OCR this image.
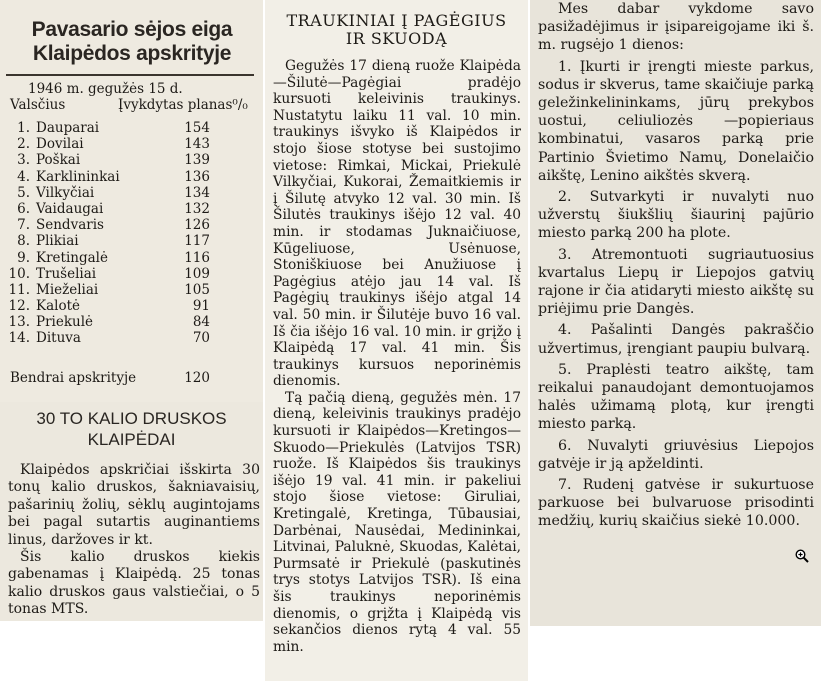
Pavasario sėjos eiga
Klaipėdos apskrityje
1946 m. gegužės 15 d.
Valsčius	Įvykdytas planas⁰/₀
1. Dauparai	154
2. Dovilai	143
3. Poškai	139
4. Karklininkai	136
5. Vilkyčiai	134
6. Vaidaugai	132
7. Sendvaris	126
8. Plikiai	117
9. Kretingalė	116
10. Trušeliai	109
11. Mieželiai	105
12. Kalotė	91
13. Priekulė	84
14. Dituva	70
Bendrai apskrityje	120
30 TO KALIO DRUSKOS
KLAIPĖDAI

Klaipėdos apskričiai išskirta 30 tonų kalio druskos, šakniavaisių, pašarinių žolių, sėklų augintojams bei pagal sutartis auginantiems linus, daržoves ir kt.

Šis kalio druskos kiekis gabenamas į Klaipėdą. 25 tonas kalio druskos gaus valstiečiai, o 5 tonas MTS.

TRAUKINIAI Į PAGĖGIUS
IR SKUODĄ

Gegužės 17 dieną ruože Klaipėda—Šilutė—Pagėgiai pradėjo kursuoti keleivinis traukinys. Nustatytu laiku 11 val. 10 min. traukinys išvyko iš Klaipėdos ir stojo šiose stotyse bei sustojimo vietose: Rimkai, Mickai, Priekulė Vilkyčiai, Kukorai, Žemaitkiemis ir į Šilutę atvyko 12 val. 30 min. Iš Šilutės traukinys išėjo 12 val. 40 min. ir stodamas Juknaičiuose, Kūgeliuose, Usėnuose, Stoniškiuose bei Anužiuose į Pagėgius atėjo jau 14 val. Iš Pagėgių traukinys išėjo atgal 14 val. 50 min. ir Šilutėje buvo 16 val. Iš čia išėjo 16 val. 10 min. ir grįžo į Klaipėdą 17 val. 41 min. Šis traukinys kursuos neporinėmis dienomis.

Tą pačią dieną, gegužės mėn. 17 dieną, keleivinis traukinys pradėjo kursuoti ir Klaipėdos—Kretingos—Skuodo—Priekulės (Latvijos TSR) ruože. Iš Klaipėdos šis traukinys išėjo 19 val. 41 min. ir pakeliui stojo šiose vietose: Giruliai, Kretingalė, Kretinga, Tūbausiai, Darbėnai, Nausėdai, Medininkai, Litvinai, Paluknė, Skuodas, Kalėtai, Purmsatė ir Priekulė (paskutinės trys stotys Latvijos TSR). Iš eina šis traukinys neporinėmis dienomis, o grįžta į Klaipėdą vis sekančios dienos rytą 4 val. 55 min.

Mes dabar vykdome savo pasižadėjimus ir įsipareigojame iki š. m. rugsėjo 1 dienos:

1. Įkurti ir įrengti mieste parkus, sodus ir skverus, tame skaičiuje parką geležinkelininkams, jūrų prekybos uostui, celiuliozės —popieriaus kombinatui, vasaros parką prie Partinio Švietimo Namų, Donelaičio aikštę, Lenino aikštės skverą.

2. Sutvarkyti ir nuvalyti nuo užverstų šiukšlių šiaurinį pajūrio miesto parką 200 ha plote.

3. Atremontuoti sugriautuosius kvartalus Liepų ir Liepojos gatvių rajone ir čia atidaryti miesto aikštę su priėjimu prie Dangės.

4. Pašalinti Dangės pakraščio užvertimus, įrengiant paupiu bulvarą.

5. Praplėsti teatro aikštę, tam reikalui panaudojant demontuojamos halės užimamą plotą, kur įrengti miesto parką.

6. Nuvalyti griuvėsius Liepojos gatvėje ir ją apželdinti.

7. Rudenį gatvėse ir sukurtuose parkuose bei bulvaruose prisodinti medžių, kurių skaičius siekė 10.000.
